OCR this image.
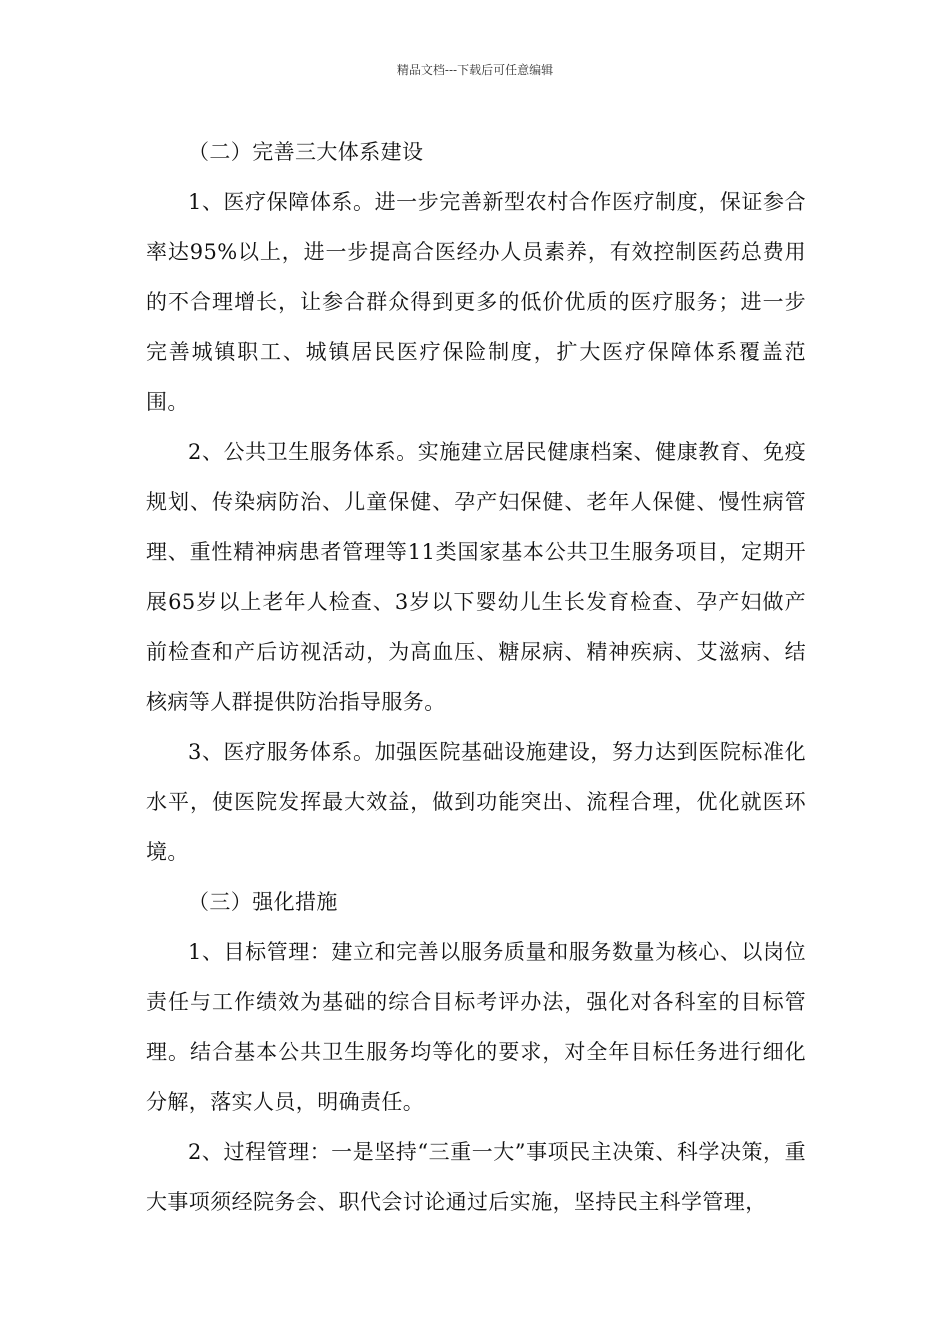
精品文档---下载后可任意编辑

（二）完善三大体系建设

1、医疗保障体系。进一步完善新型农村合作医疗制度，保证参合率达95%以上，进一步提高合医经办人员素养，有效控制医药总费用的不合理增长，让参合群众得到更多的低价优质的医疗服务；进一步完善城镇职工、城镇居民医疗保险制度，扩大医疗保障体系覆盖范围。

2、公共卫生服务体系。实施建立居民健康档案、健康教育、免疫规划、传染病防治、儿童保健、孕产妇保健、老年人保健、慢性病管理、重性精神病患者管理等11类国家基本公共卫生服务项目，定期开展65岁以上老年人检查、3岁以下婴幼儿生长发育检查、孕产妇做产前检查和产后访视活动，为高血压、糖尿病、精神疾病、艾滋病、结核病等人群提供防治指导服务。

3、医疗服务体系。加强医院基础设施建设，努力达到医院标准化水平，使医院发挥最大效益，做到功能突出、流程合理，优化就医环境。

（三）强化措施

1、目标管理：建立和完善以服务质量和服务数量为核心、以岗位责任与工作绩效为基础的综合目标考评办法，强化对各科室的目标管理。结合基本公共卫生服务均等化的要求，对全年目标任务进行细化分解，落实人员，明确责任。

2、过程管理：一是坚持“三重一大”事项民主决策、科学决策，重大事项须经院务会、职代会讨论通过后实施，坚持民主科学管理，
